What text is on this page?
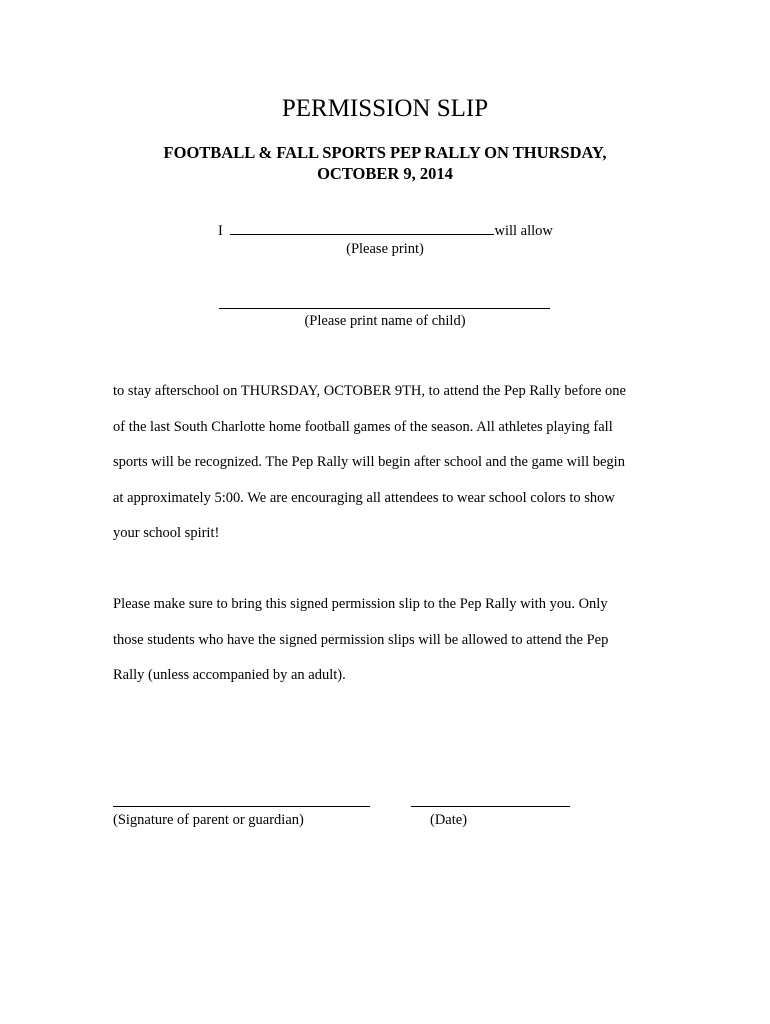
PERMISSION SLIP
FOOTBALL & FALL SPORTS PEP RALLY ON THURSDAY,
OCTOBER 9, 2014
I	will allow
(Please print)
(Please print name of child)

to stay afterschool on THURSDAY, OCTOBER 9TH, to attend the Pep Rally before one

of the last South Charlotte home football games of the season. All athletes playing fall

sports will be recognized. The Pep Rally will begin after school and the game will begin

at approximately 5:00. We are encouraging all attendees to wear school colors to show

your school spirit!

Please make sure to bring this signed permission slip to the Pep Rally with you. Only

those students who have the signed permission slips will be allowed to attend the Pep

Rally (unless accompanied by an adult).

(Signature of parent or guardian)	(Date)
